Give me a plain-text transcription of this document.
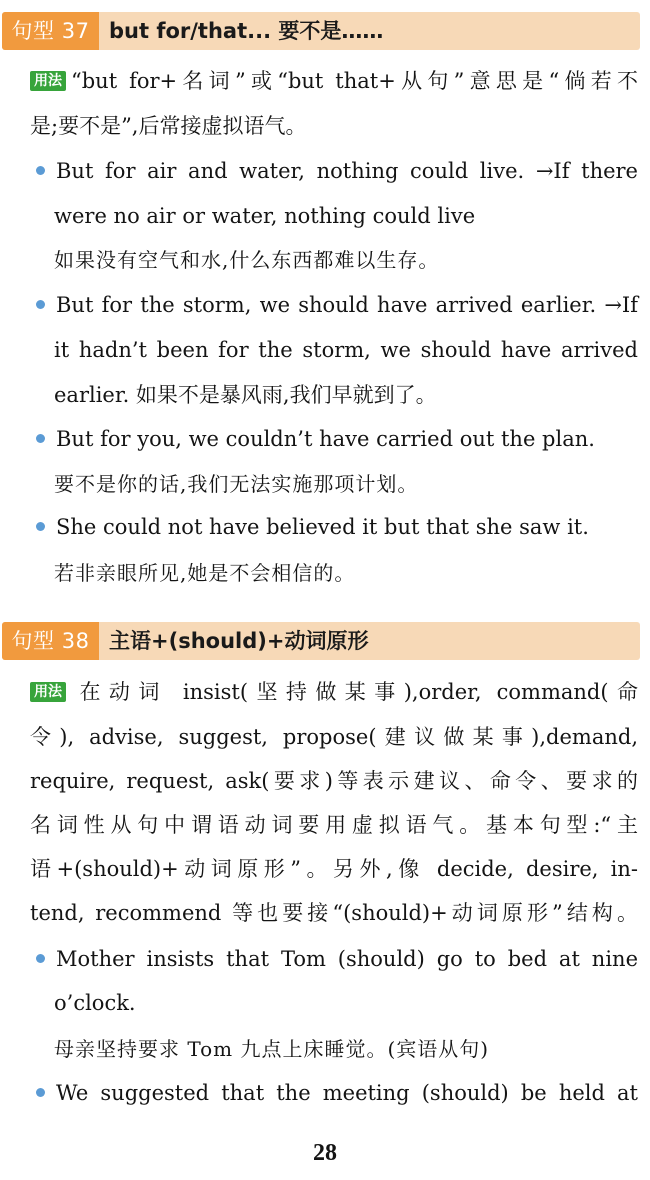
句型 37 but for/that... 要不是……
用法 “but for+名词”或“but that+从句”意思是“倘若不
是;要不是”,后常接虚拟语气。
But for air and water, nothing could live. →If there
were no air or water, nothing could live
如果没有空气和水,什么东西都难以生存。
But for the storm, we should have arrived earlier. →If
it hadn’t been for the storm, we should have arrived
earlier. 如果不是暴风雨,我们早就到了。
But for you, we couldn’t have carried out the plan.
要不是你的话,我们无法实施那项计划。
She could not have believed it but that she saw it.
若非亲眼所见,她是不会相信的。
句型 38 主语+(should)+动词原形
用法 在动词 insist(坚持做某事),order, command(命
令), advise, suggest, propose(建议做某事),demand,
require, request, ask(要求)等表示建议、命令、要求的
名词性从句中谓语动词要用虚拟语气。基本句型:“主
语+(should)+动词原形”。另外,像 decide, desire, in-
tend, recommend 等也要接“(should)+动词原形”结构。
Mother insists that Tom (should) go to bed at nine
o’clock.
母亲坚持要求 Tom 九点上床睡觉。(宾语从句)
We suggested that the meeting (should) be held at
28
